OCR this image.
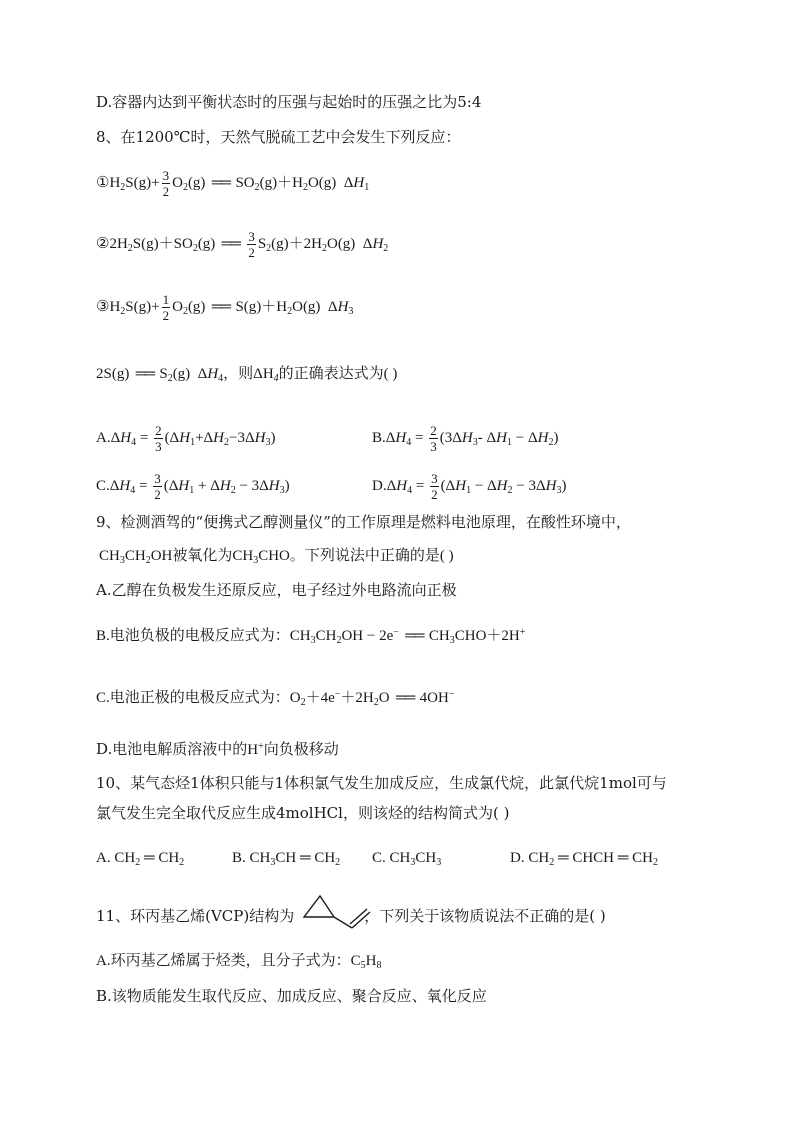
D.容器内达到平衡状态时的压强与起始时的压强之比为5:4
8、在1200℃时，天然气脱硫工艺中会发生下列反应：
$①H_2S(g)+ \frac{3}{2} O_2(g)$ ══ $SO_2(g)+H_2O(g)$  $\Delta H_1$
$②2H_2S(g)+SO_2(g)$ ══ $\frac{3}{2} S_2(g)+2H_2O(g)$  $\Delta H_2$
$③H_2S(g)+ \frac{1}{2} O_2(g)$ ══ $S(g)+H_2O(g)$  $\Delta H_3$
2S(g) ══ $S_2(g)$  $\Delta H_4$，则$\Delta H_4$的正确表达式为( )
$A.\Delta H_4 = \frac{2}{3} (\Delta H_1+\Delta H_2-3\Delta H_3)$	$B.\Delta H_4 = \frac{2}{3} (3\Delta H_3-$ $\Delta H_1 - \Delta H_2$)
$C.\Delta H_4 = \frac{3}{2} (\Delta H_1 + \Delta H_2 - 3\Delta H_3)$	$D.\Delta H_4 = \frac{3}{2} (\Delta H_1 - \Delta H_2 - 3\Delta H_3)$
9、检测酒驾的“便携式乙醇测量仪”的工作原理是燃料电池原理，在酸性环境中，
$CH_3CH_2OH$被氧化为$CH_3CHO$。下列说法中正确的是( )
A.乙醇在负极发生还原反应，电子经过外电路流向正极
B.电池负极的电极反应式为：$CH_3CH_2OH - 2e^-$ ══ $CH_3CHO+2H^+$
C.电池正极的电极反应式为：$O_2+4e^-+2H_2O$ ══ 4OH−
D.电池电解质溶液中的H+向负极移动
10、某气态烃1体积只能与1体积氯气发生加成反应，生成氯代烷，此氯代烷1mol可与
氯气发生完全取代反应生成4molHCl，则该烃的结构简式为( )
A. $CH_2$ ═ $CH_2$	B. $CH_3CH$ ═ $CH_2$ C. $CH_3CH_3$	D. $CH_2$ ═ CHCH ═ $CH_2$
11、环丙基乙烯(VCP)结构为	，下列关于该物质说法不正确的是( )
A.环丙基乙烯属于烃类，且分子式为：$C_5H_8$
B.该物质能发生取代反应、加成反应、聚合反应、氧化反应
